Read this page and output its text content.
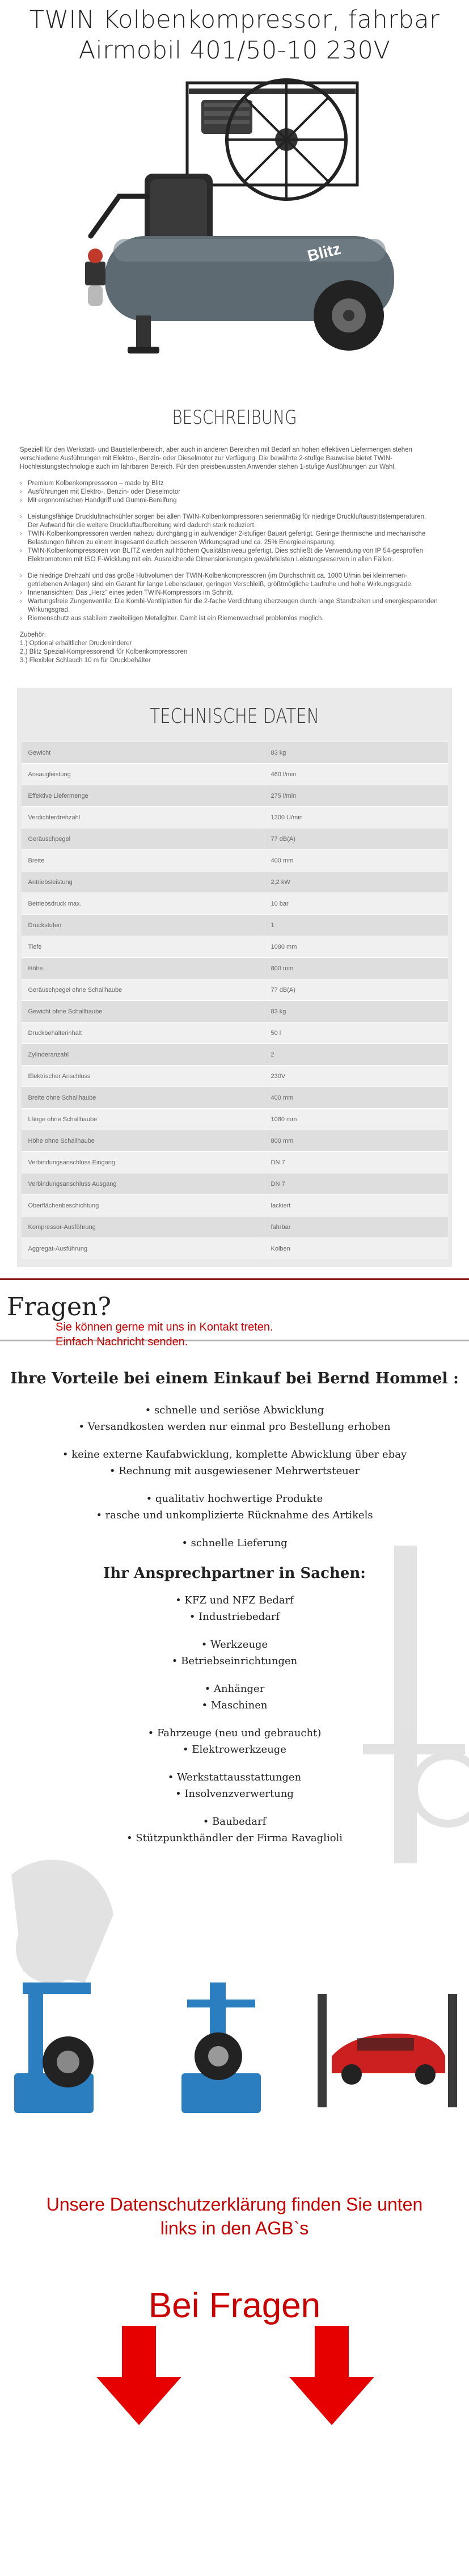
TWIN Kolbenkompressor, fahrbar
Airmobil 401/50-10 230V
Blitz
BESCHREIBUNG

Speziell für den Werkstatt- und Baustellenbereich, aber auch in anderen Bereichen mit Bedarf an hohen effektiven Liefermengen stehen verschiedene Ausführungen mit Elektro-, Benzin- oder Dieselmotor zur Verfügung. Die bewährte 2-stufige Bauweise bietet TWIN-Hochleistungstechnologie auch im fahrbaren Bereich. Für den preisbewussten Anwender stehen 1-stufige Ausführungen zur Wahl.

› Premium Kolbenkompressoren – made by Blitz
› Ausführungen mit Elektro-, Benzin- oder Dieselmotor
› Mit ergonomischen Handgriff und Gummi-Bereifung
› Leistungsfähige Druckluftnachkühler sorgen bei allen TWIN-Kolbenkompressoren serienmäßig für niedrige Druckluftaustrittstemperaturen. Der Aufwand für die weitere Druckluftaufbereitung wird dadurch stark reduziert.
› TWIN-Kolbenkompressoren werden nahezu durchgängig in aufwendiger 2-stufiger Bauart gefertigt. Geringe thermische und mechanische Belastungen führen zu einem insgesamt deutlich besseren Wirkungsgrad und ca. 25% Energieeinsparung.
› TWIN-Kolbenkompressoren von BLITZ werden auf höchem Qualitätsniveau gefertigt. Dies schließt die Verwendung von IP 54-gesproffen Elektromotoren mit ISO F-Wicklung mit ein. Ausreichende Dimensionierungen gewährleisten Leistungsreserven in allen Fällen.
› Die niedrige Drehzahl und das große Hubvolumen der TWIN-Kolbenkompressoren (im Durchschnitt ca. 1000 U/min bei kleinremen-getriebenen Anlagen) sind ein Garant für lange Lebensdauer, geringen Verschleiß, größtmögliche Laufruhe und hohe Wirkungsgrade.
› Innenansichten: Das „Herz“ eines jeden TWIN-Kompressors im Schnitt.
› Wartungsfreie Zungenventile: Die Kombi-Ventilplatten für die 2-fache Verdichtung überzeugen durch lange Standzeiten und energiesparenden Wirkungsgrad.
› Riemenschutz aus stabilem zweiteiligen Metallgitter. Damit ist ein Riemenwechsel problemlos möglich.
Zubehör:
1.) Optional erhältlicher Druckminderer
2.) Blitz Spezial-Kompressorendl für Kolbenkompressoren
3.) Flexibler Schlauch 10 m für Druckbehälter
TECHNISCHE DATEN
Gewicht	83 kg
Ansaugleistung	460 l/min
Effektive Liefermenge	275 l/min
Verdichterdrehzahl	1300 U/min
Geräuschpegel	77 dB(A)
Breite	400 mm
Antriebsleistung	2,2 kW
Betriebsdruck max.	10 bar
Druckstufen	1
Tiefe	1080 mm
Höhe	800 mm
Geräuschpegel ohne Schallhaube	77 dB(A)
Gewicht ohne Schallhaube	83 kg
Druckbehälterinhalt	50 l
Zylinderanzahl	2
Elektrischer Anschluss	230V
Breite ohne Schallhaube	400 mm
Länge ohne Schallhaube	1080 mm
Höhe ohne Schallhaube	800 mm
Verbindungsanschluss Eingang	DN 7
Verbindungsanschluss Ausgang	DN 7
Oberflächenbeschichtung	lackiert
Kompressor-Ausführung	fahrbar
Aggregat-Ausführung	Kolben
Fragen?
Sie können gerne mit uns in Kontakt treten.
Einfach Nachricht senden.
Ihre Vorteile bei einem Einkauf bei Bernd Hommel :
• schnelle und seriöse Abwicklung
• Versandkosten werden nur einmal pro Bestellung erhoben
• keine externe Kaufabwicklung, komplette Abwicklung über ebay
• Rechnung mit ausgewiesener Mehrwertsteuer
• qualitativ hochwertige Produkte
• rasche und unkomplizierte Rücknahme des Artikels
• schnelle Lieferung
Ihr Ansprechpartner in Sachen:
• KFZ und NFZ Bedarf
• Industriebedarf
• Werkzeuge
• Betriebseinrichtungen
• Anhänger
• Maschinen
• Fahrzeuge (neu und gebraucht)
• Elektrowerkzeuge
• Werkstattausstattungen
• Insolvenzverwertung
• Baubedarf
• Stützpunkthändler der Firma Ravaglioli
Unsere Datenschutzerklärung finden Sie unten
links in den AGB`s
Bei Fragen
